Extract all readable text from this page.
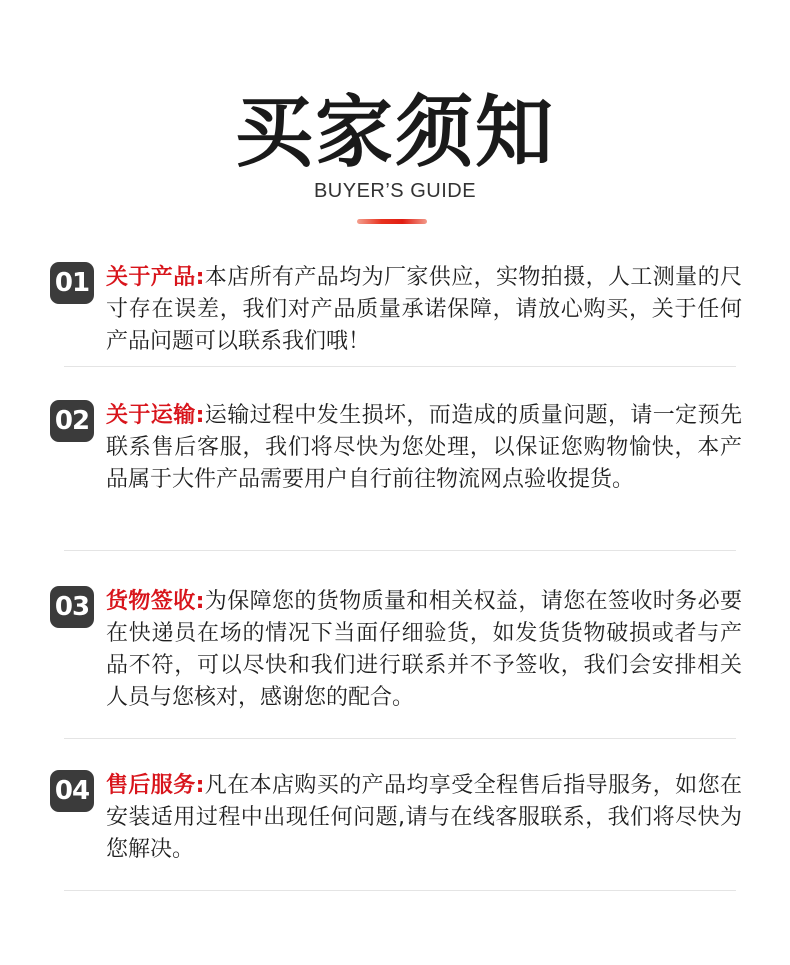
买家须知
BUYER’S GUIDE
01 关于产品:本店所有产品均为厂家供应，实物拍摄，人工测量的尺寸存在误差，我们对产品质量承诺保障，请放心购买，关于任何产品问题可以联系我们哦！
02 关于运输:运输过程中发生损坏，而造成的质量问题，请一定预先联系售后客服，我们将尽快为您处理，以保证您购物愉快，本产品属于大件产品需要用户自行前往物流网点验收提货。
03 货物签收:为保障您的货物质量和相关权益，请您在签收时务必要在快递员在场的情况下当面仔细验货，如发货货物破损或者与产品不符，可以尽快和我们进行联系并不予签收，我们会安排相关人员与您核对，感谢您的配合。
04 售后服务:凡在本店购买的产品均享受全程售后指导服务，如您在安装适用过程中出现任何问题,请与在线客服联系，我们将尽快为您解决。
